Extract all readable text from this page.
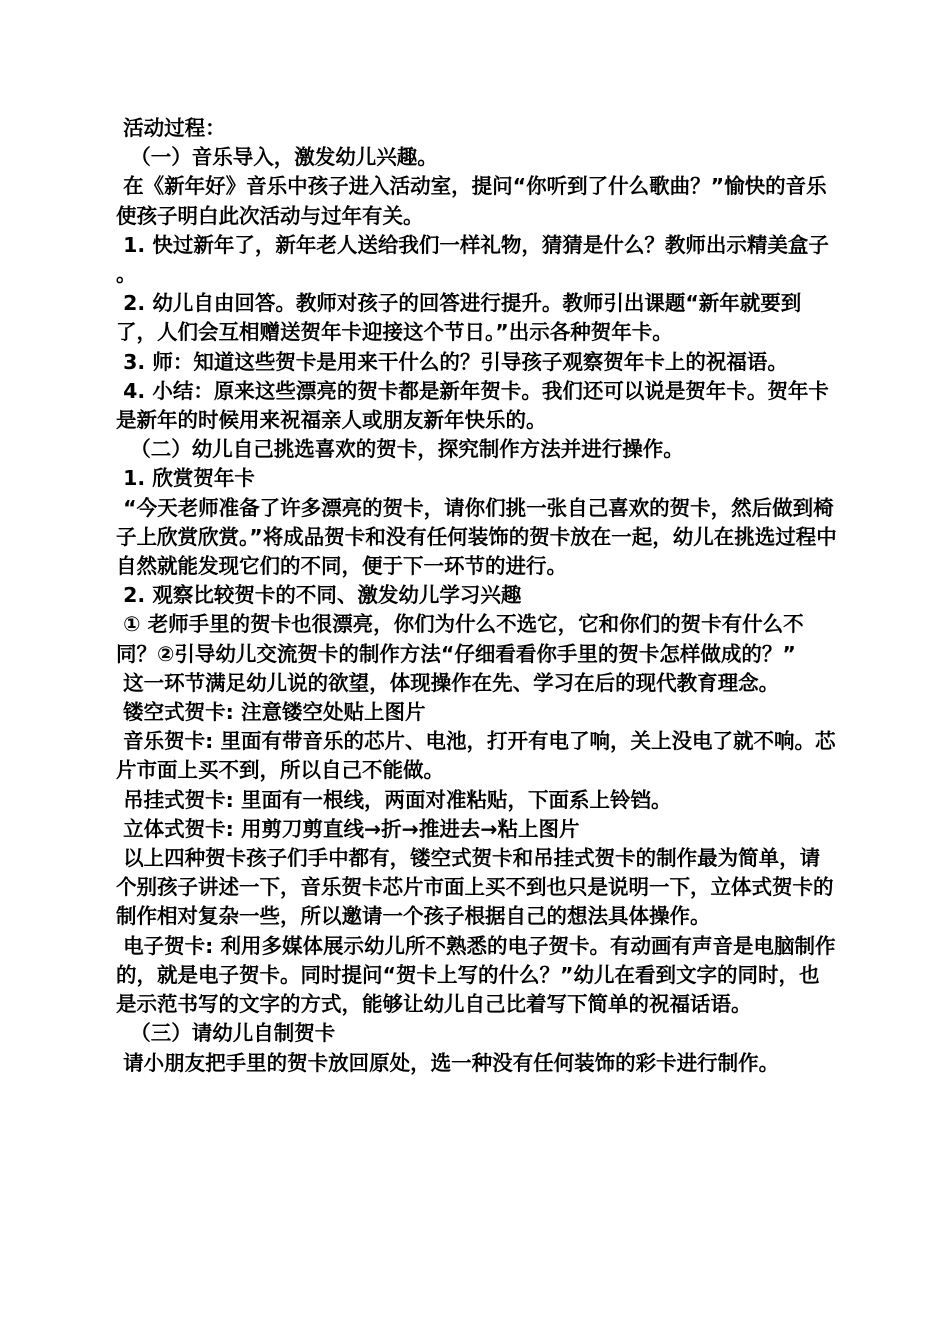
活动过程：

（一）音乐导入，激发幼儿兴趣。

在《新年好》音乐中孩子进入活动室，提问“你听到了什么歌曲？”愉快的音乐使孩子明白此次活动与过年有关。

1. 快过新年了，新年老人送给我们一样礼物，猜猜是什么？教师出示精美盒子 。

2. 幼儿自由回答。教师对孩子的回答进行提升。教师引出课题“新年就要到了，人们会互相赠送贺年卡迎接这个节日。”出示各种贺年卡。

3. 师：知道这些贺卡是用来干什么的？引导孩子观察贺年卡上的祝福语。

4. 小结：原来这些漂亮的贺卡都是新年贺卡。我们还可以说是贺年卡。贺年卡是新年的时候用来祝福亲人或朋友新年快乐的。

（二）幼儿自己挑选喜欢的贺卡，探究制作方法并进行操作。

1. 欣赏贺年卡

“今天老师准备了许多漂亮的贺卡，请你们挑一张自己喜欢的贺卡，然后做到椅子上欣赏欣赏。”将成品贺卡和没有任何装饰的贺卡放在一起，幼儿在挑选过程中自然就能发现它们的不同，便于下一环节的进行。

2. 观察比较贺卡的不同、激发幼儿学习兴趣

① 老师手里的贺卡也很漂亮，你们为什么不选它，它和你们的贺卡有什么不同？②引导幼儿交流贺卡的制作方法“仔细看看你手里的贺卡怎样做成的？”

这一环节满足幼儿说的欲望，体现操作在先、学习在后的现代教育理念。

镂空式贺卡: 注意镂空处贴上图片

音乐贺卡: 里面有带音乐的芯片、电池，打开有电了响，关上没电了就不响。芯片市面上买不到，所以自己不能做。

吊挂式贺卡: 里面有一根线，两面对准粘贴，下面系上铃铛。

立体式贺卡: 用剪刀剪直线→折→推进去→粘上图片

以上四种贺卡孩子们手中都有，镂空式贺卡和吊挂式贺卡的制作最为简单，请个别孩子讲述一下，音乐贺卡芯片市面上买不到也只是说明一下，立体式贺卡的制作相对复杂一些，所以邀请一个孩子根据自己的想法具体操作。

电子贺卡: 利用多媒体展示幼儿所不熟悉的电子贺卡。有动画有声音是电脑制作的，就是电子贺卡。同时提问“贺卡上写的什么？”幼儿在看到文字的同时，也是示范书写的文字的方式，能够让幼儿自己比着写下简单的祝福话语。

（三）请幼儿自制贺卡

请小朋友把手里的贺卡放回原处，选一种没有任何装饰的彩卡进行制作。
